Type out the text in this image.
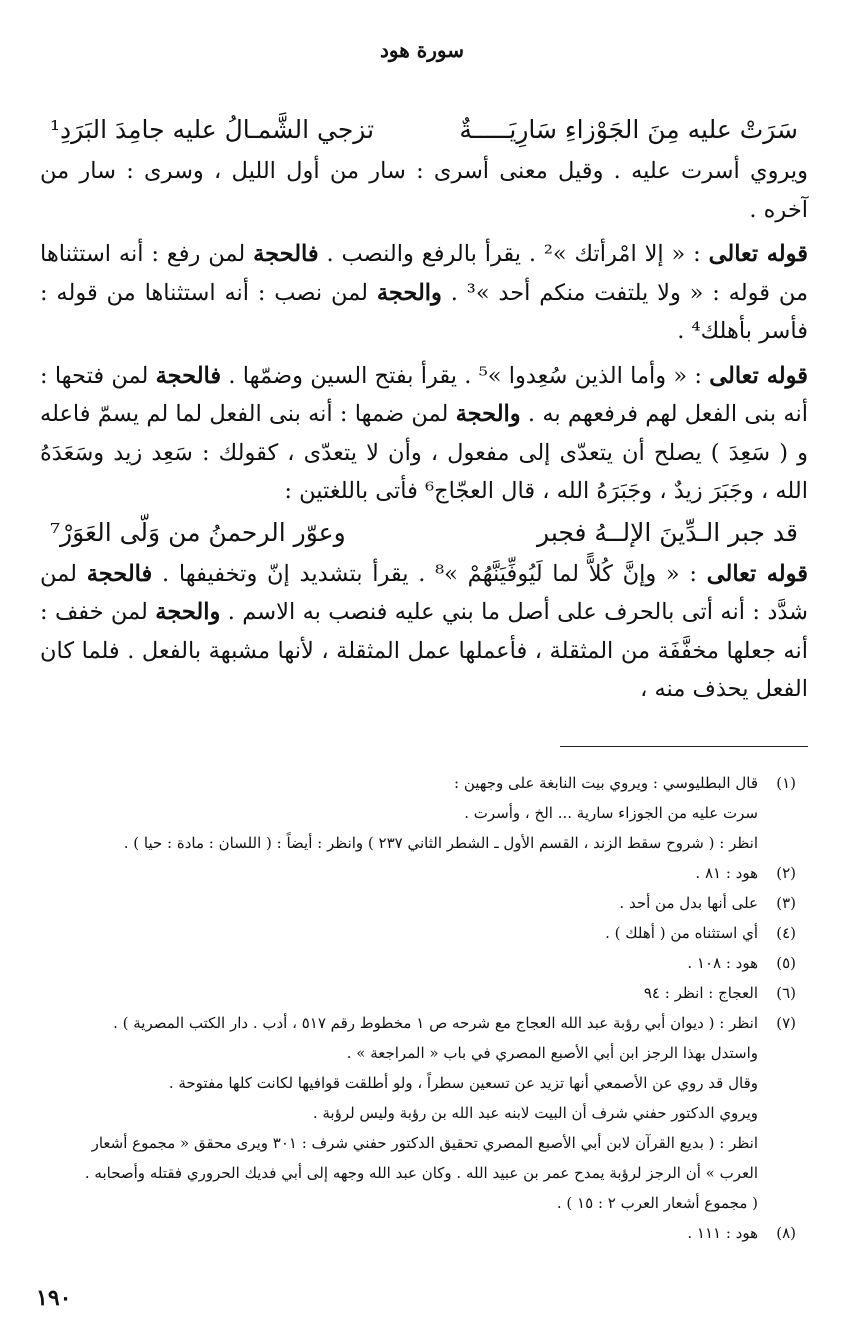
سورة هود
سَرَتْ عليه مِنَ الجَوْزاءِ سَارِيَـــــةٌ
تزجي الشَّمـالُ عليه جامِدَ البَرَدِ¹
ويروي أسرت عليه . وقيل معنى أسرى : سار من أول الليل ، وسرى : سار من آخره .
قوله تعالى : « إلا امْرأتك »² . يقرأ بالرفع والنصب . فالحجة لمن رفع : أنه استثناها من قوله : « ولا يلتفت منكم أحد »³ . والحجة لمن نصب : أنه استثناها من قوله : فأسر بأهلك⁴ .
قوله تعالى : « وأما الذين سُعِدوا »⁵ . يقرأ بفتح السين وضمّها . فالحجة لمن فتحها : أنه بنى الفعل لهم فرفعهم به . والحجة لمن ضمها : أنه بنى الفعل لما لم يسمّ فاعله و ( سَعِدَ ) يصلح أن يتعدّى إلى مفعول ، وأن لا يتعدّى ، كقولك : سَعِد زيد وسَعَدَهُ الله ، وجَبَرَ زيدٌ ، وجَبَرَهُ الله ، قال العجّاج⁶ فأتى باللغتين :
قد جبر الـدِّينَ الإلــهُ فجبر
وعوّر الرحمنُ من وَلّى العَوَرْ⁷
قوله تعالى : « وإنَّ كُلاًّ لما لَيُوفِّيَنَّهُمْ »⁸ . يقرأ بتشديد إنّ وتخفيفها . فالحجة لمن شدَّد : أنه أتى بالحرف على أصل ما بني عليه فنصب به الاسم . والحجة لمن خفف : أنه جعلها مخفَّفَة من المثقلة ، فأعملها عمل المثقلة ، لأنها مشبهة بالفعل . فلما كان الفعل يحذف منه ،
(١)
قال البطليوسي : ويروي بيت النابغة على وجهين :
سرت عليه من الجوزاء سارية ... الخ ، وأسرت .
انظر : ( شروح سقط الزند ، القسم الأول ـ الشطر الثاني ٢٣٧ ) وانظر : أيضاً : ( اللسان : مادة : حيا ) .
(٢)
هود : ٨١ .
(٣)
على أنها بدل من أحد .
(٤)
أي استثناه من ( أهلك ) .
(٥)
هود : ١٠٨ .
(٦)
العجاج : انظر : ٩٤
(٧)
انظر : ( ديوان أبي رؤبة عبد الله العجاج مع شرحه ص ١ مخطوط رقم ٥١٧ ، أدب . دار الكتب المصرية ) .
واستدل بهذا الرجز ابن أبي الأصبع المصري في باب « المراجعة » .
وقال قد روي عن الأصمعي أنها تزيد عن تسعين سطراً ، ولو أطلقت قوافيها لكانت كلها مفتوحة .
ويروي الدكتور حفني شرف أن البيت لابنه عبد الله بن رؤبة وليس لرؤبة .
انظر : ( بديع القرآن لابن أبي الأصبع المصري تحقيق الدكتور حفني شرف : ٣٠١ ويرى محقق « مجموع أشعار
العرب » أن الرجز لرؤبة يمدح عمر بن عبيد الله . وكان عبد الله وجهه إلى أبي فديك الحروري فقتله وأصحابه .
( مجموع أشعار العرب ٢ : ١٥ ) .
(٨)
هود : ١١١ .
١٩٠
